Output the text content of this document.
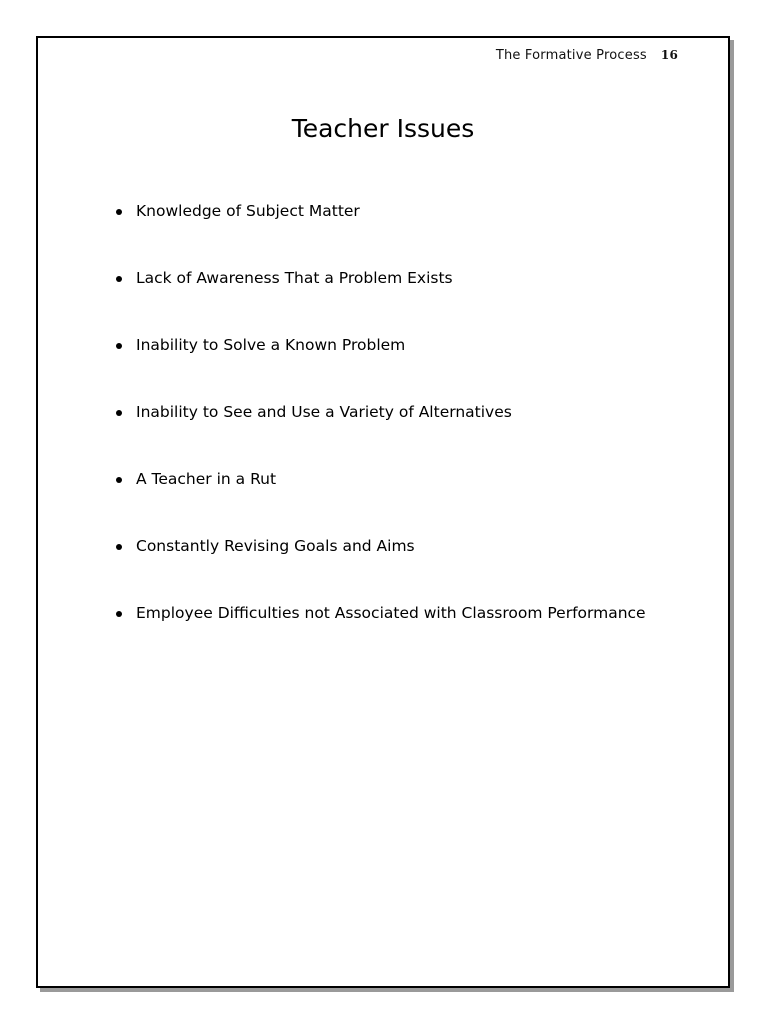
The Formative Process 16
Teacher Issues
Knowledge of Subject Matter
Lack of Awareness That a Problem Exists
Inability to Solve a Known Problem
Inability to See and Use a Variety of Alternatives
A Teacher in a Rut
Constantly Revising Goals and Aims
Employee Difficulties not Associated with Classroom Performance
